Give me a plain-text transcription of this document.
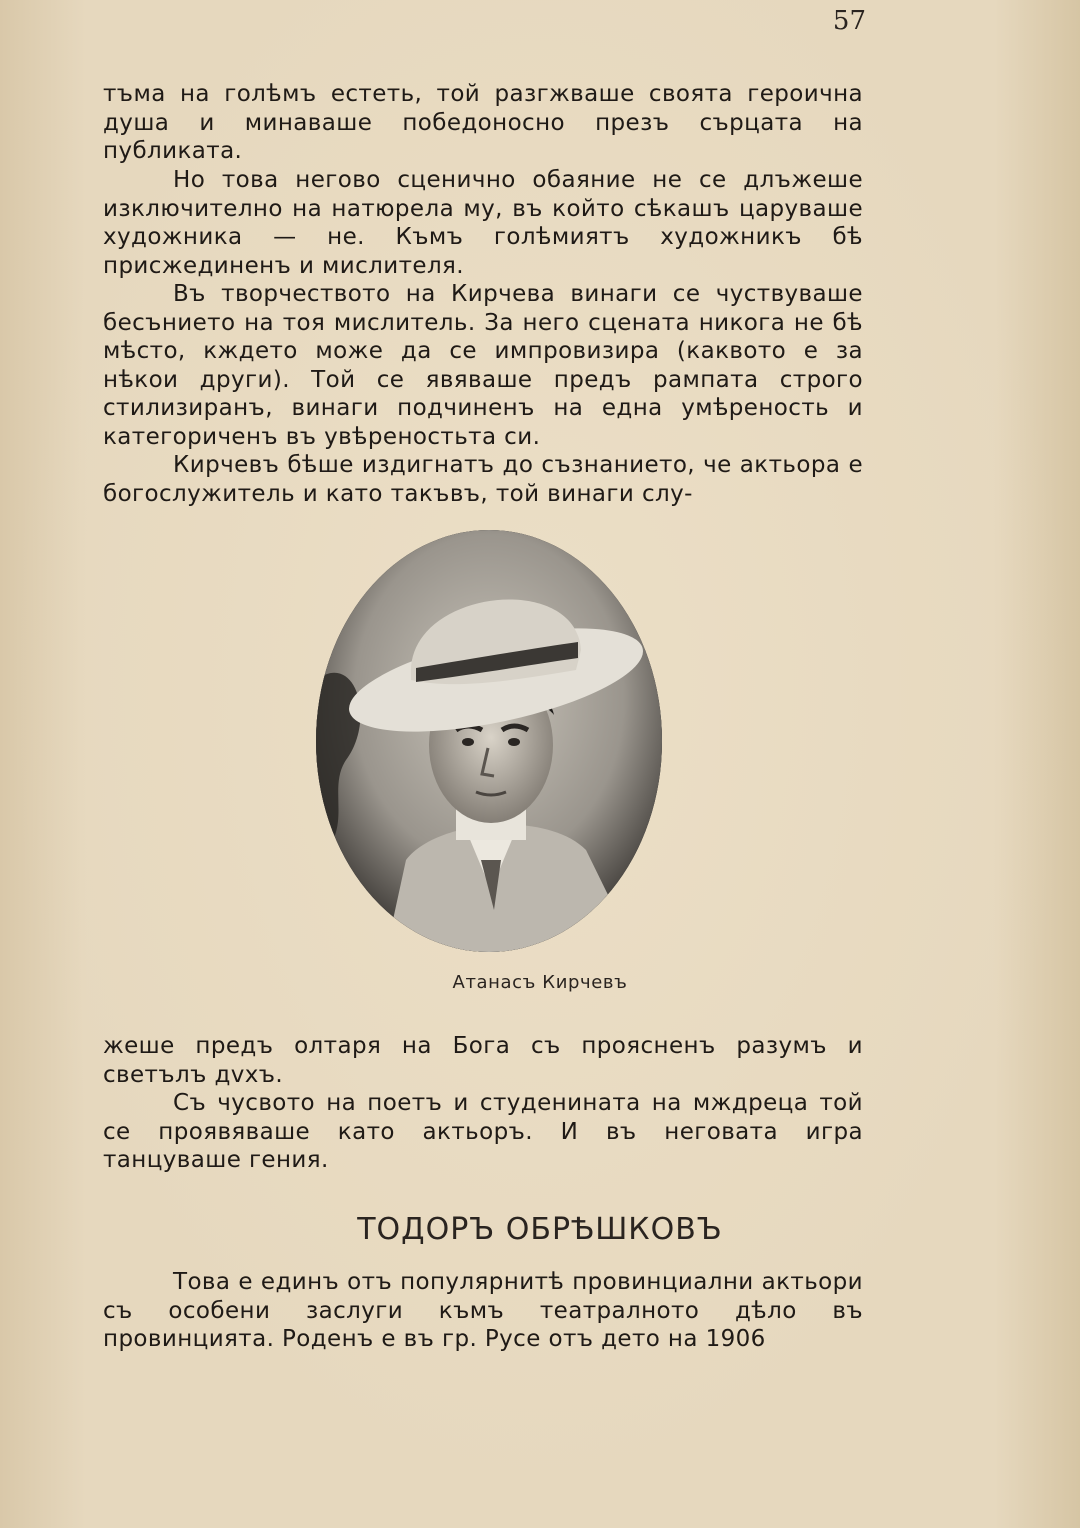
57

тъма на голѣмъ естеть, той разгжваше своята героична душа и минаваше победоносно презъ сърцата на публиката.

Но това негово сценично обаяние не се длъжеше изключително на натюрела му, въ който сѣкашъ царуваше художника — не. Къмъ голѣмиятъ художникъ бѣ присжединенъ и мислителя.

Въ творчеството на Кирчева винаги се чуствуваше бесънието на тоя мислитель. За него сцената никога не бѣ мѣсто, кждето може да се импровизира (каквото е за нѣкои други). Той се явяваше предъ рампата строго стилизиранъ, винаги подчиненъ на една умѣреность и категориченъ въ увѣреностьта си.

Кирчевъ бѣше издигнатъ до съзнанието, че актьора е богослужитель и като такъвъ, той винаги слу-

Атанасъ Кирчевъ

жеше предъ олтаря на Бога съ проясненъ разумъ и светълъ дvхъ.

Съ чусвото на поетъ и студенината на мждреца той се проявяваше като актьоръ. И въ неговата игра танцуваше гения.

ТОДОРЪ ОБРѢШКОВЪ

Това е единъ отъ популярнитѣ провинциални актьори съ особени заслуги къмъ театралното дѣло въ провинцията. Роденъ е въ гр. Русе отъ дето на 1906
